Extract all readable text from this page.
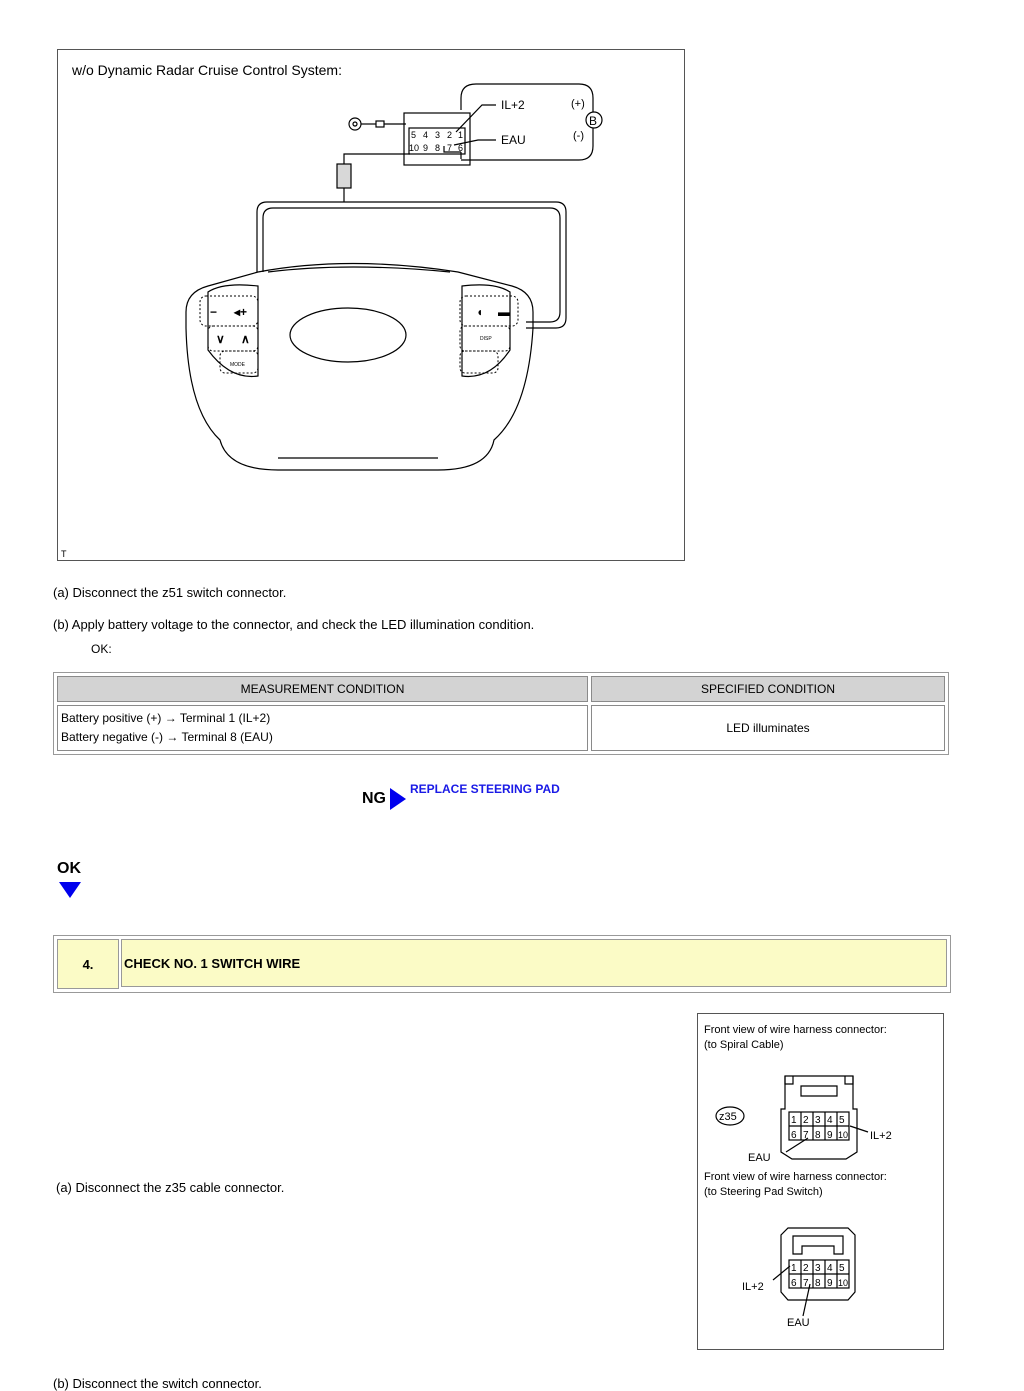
w/o Dynamic Radar Cruise Control System:
− ◂+
∨ ∧
◖ ▬
MODE
DISP
5 4 3 2 1
10 9 8 7 6
IL+2
EAU
(+)
(-)
B
T
(a) Disconnect the z51 switch connector.
(b) Apply battery voltage to the connector, and check the LED illumination condition.
OK:
MEASUREMENT CONDITION	SPECIFIED CONDITION

Battery positive (+) → Terminal 1 (IL+2)
Battery negative (-) → Terminal 8 (EAU)	LED illuminates
NG
REPLACE STEERING PAD
OK
4.	CHECK NO. 1 SWITCH WIRE
Front view of wire harness connector:
(to Spiral Cable)
1 2 3 4 5
6 7 8 9 10
z35
IL+2
EAU
Front view of wire harness connector:
(to Steering Pad Switch)
1 2 3 4 5
6 7 8 9 10
IL+2
EAU
(a) Disconnect the z35 cable connector.
(b) Disconnect the switch connector.
